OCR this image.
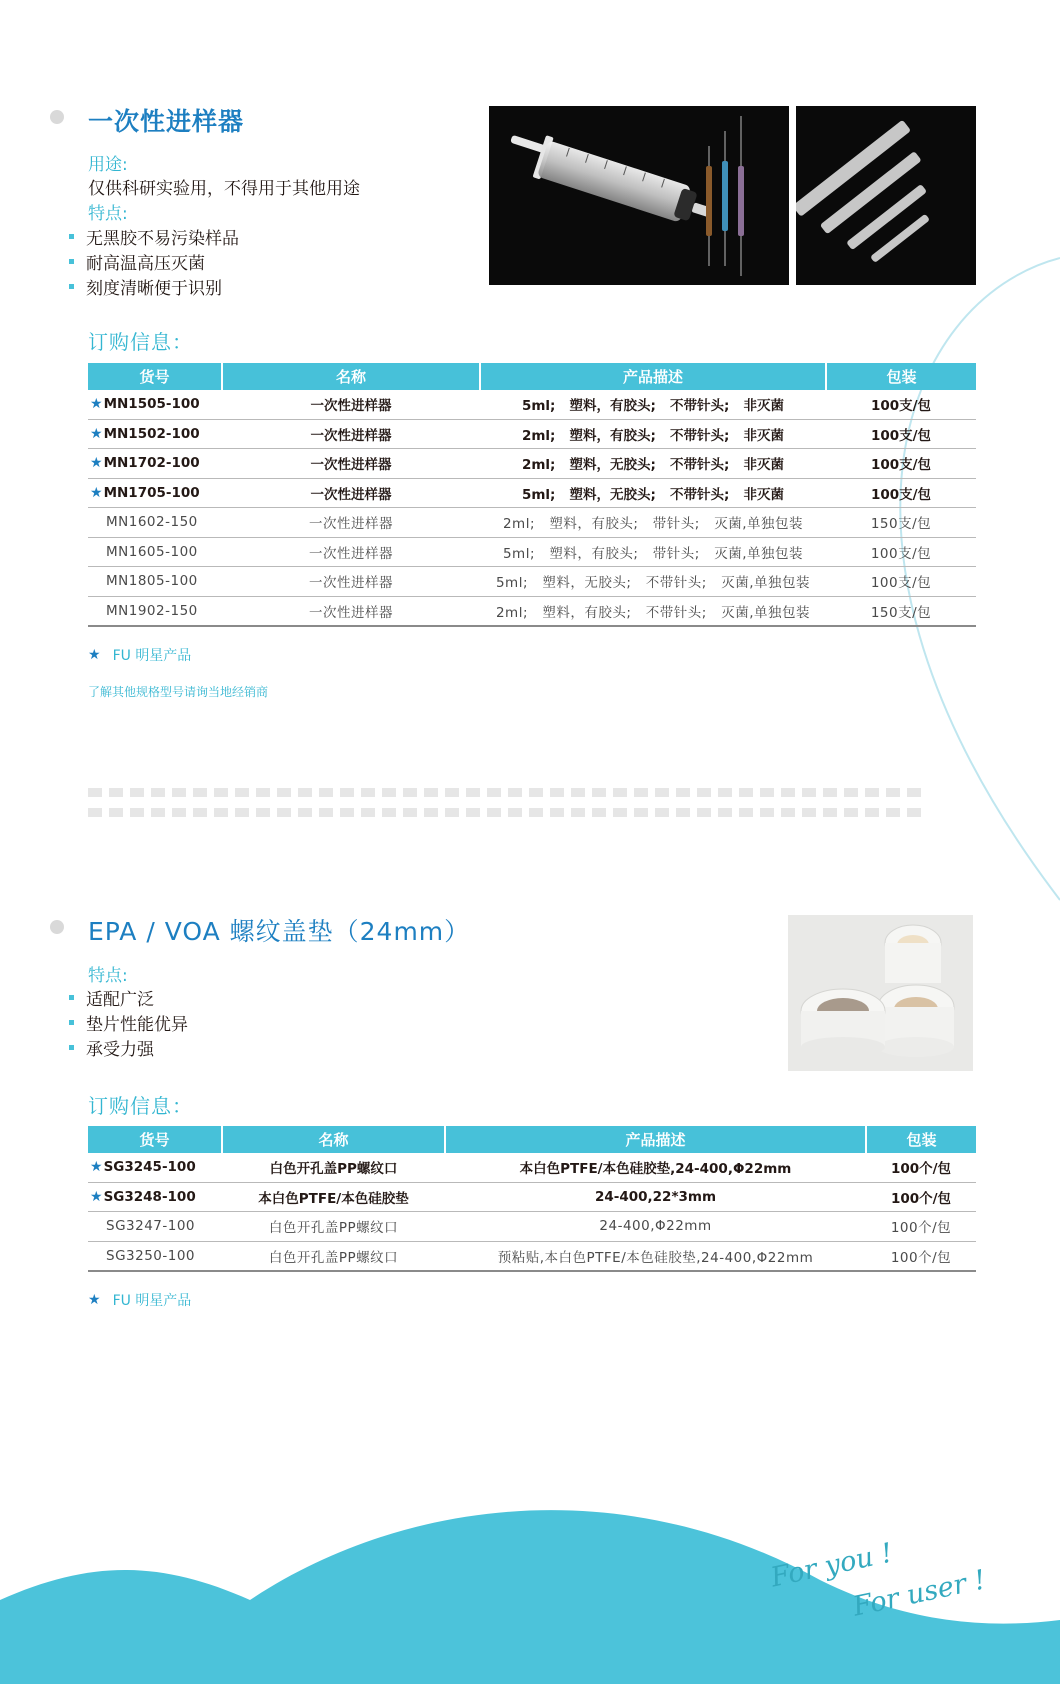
一次性进样器
用途:
仅供科研实验用，不得用于其他用途
特点:
无黑胶不易污染样品
耐高温高压灭菌
刻度清晰便于识别
订购信息：
货号	名称	产品描述	包装
★MN1505-100	一次性进样器	5ml;   塑料，有胶头;   不带针头;   非灭菌	100支/包
★MN1502-100	一次性进样器	2ml;   塑料，有胶头;   不带针头;   非灭菌	100支/包
★MN1702-100	一次性进样器	2ml;   塑料，无胶头;   不带针头;   非灭菌	100支/包
★MN1705-100	一次性进样器	5ml;   塑料，无胶头;   不带针头;   非灭菌	100支/包
MN1602-150	一次性进样器	2ml;   塑料，有胶头;   带针头;   灭菌,单独包装	150支/包
MN1605-100	一次性进样器	5ml;   塑料，有胶头;   带针头;   灭菌,单独包装	100支/包
MN1805-100	一次性进样器	5ml;   塑料，无胶头;   不带针头;   灭菌,单独包装	100支/包
MN1902-150	一次性进样器	2ml;   塑料，有胶头;   不带针头;   灭菌,单独包装	150支/包
★ FU 明星产品
了解其他规格型号请询当地经销商
EPA / VOA 螺纹盖垫（24mm）
特点:
适配广泛
垫片性能优异
承受力强
订购信息：
货号	名称	产品描述	包装
★SG3245-100	白色开孔盖PP螺纹口	本白色PTFE/本色硅胶垫,24-400,Φ22mm	100个/包
★SG3248-100	本白色PTFE/本色硅胶垫	24-400,22*3mm	100个/包
SG3247-100	白色开孔盖PP螺纹口	24-400,Φ22mm	100个/包
SG3250-100	白色开孔盖PP螺纹口	预粘贴,本白色PTFE/本色硅胶垫,24-400,Φ22mm	100个/包
★ FU 明星产品
For you !
For user !
